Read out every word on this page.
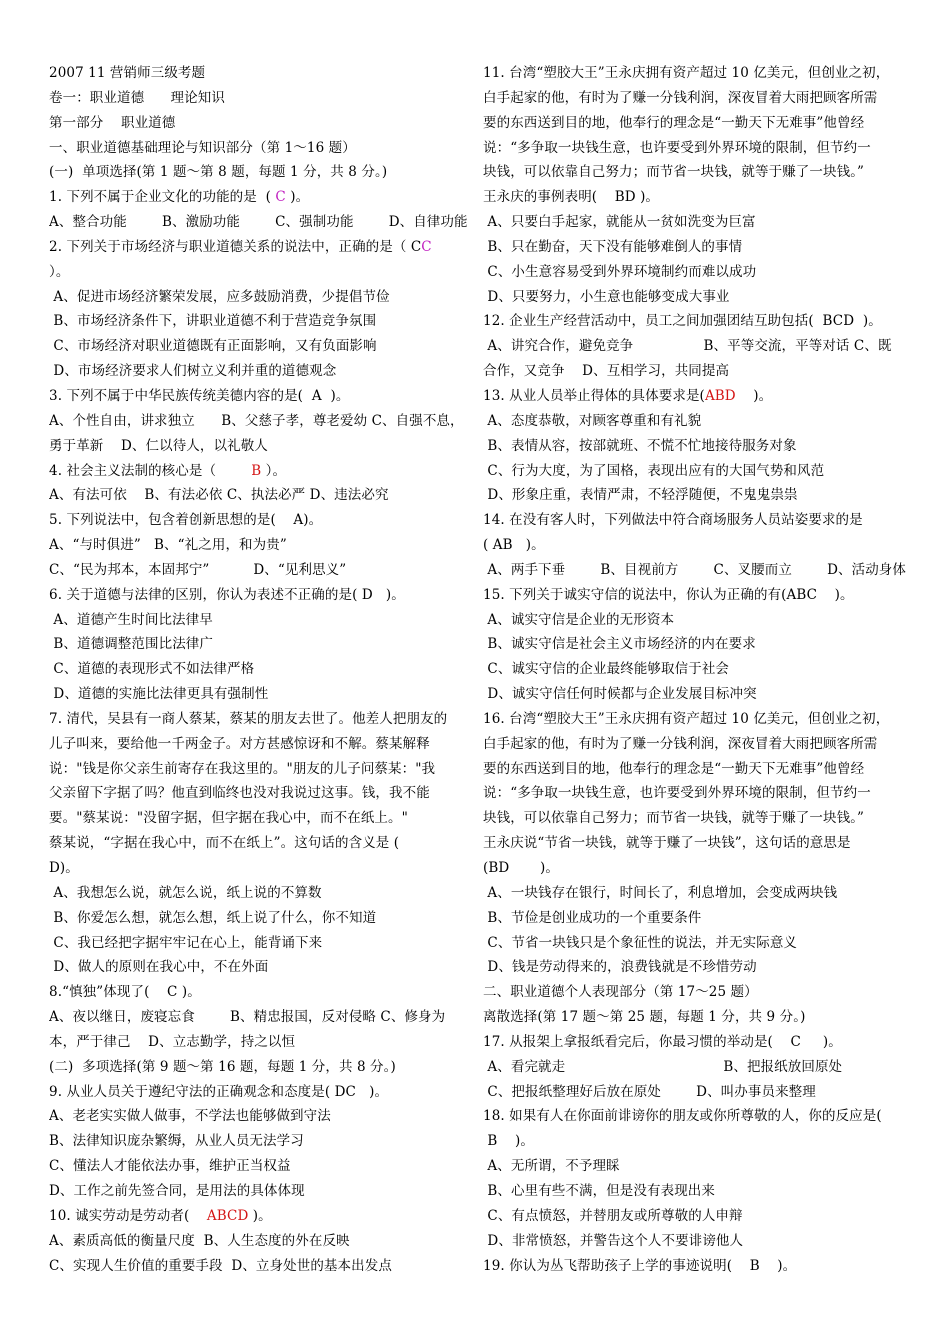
2007 11 营销师三级考题
卷一：职业道德      理论知识
第一部分    职业道德
一、职业道德基础理论与知识部分（第 1～16 题）
(一)  单项选择(第 1 题～第 8 题，每题 1 分，共 8 分。)
1. 下列不属于企业文化的功能的是  ( C )。
A、整合功能        B、激励功能        C、强制功能        D、自律功能
2. 下列关于市场经济与职业道德关系的说法中，正确的是（ CC
）。
A、促进市场经济繁荣发展，应多鼓励消费，少提倡节俭
B、市场经济条件下，讲职业道德不利于营造竞争氛围
C、市场经济对职业道德既有正面影响，又有负面影响
D、市场经济要求人们树立义利并重的道德观念
3. 下列不属于中华民族传统美德内容的是(  A  )。
A、个性自由，讲求独立      B、父慈子孝，尊老爱幼 C、自强不息，
勇于革新    D、仁以待人，以礼敬人
4. 社会主义法制的核心是（        B ）。
A、有法可依    B、有法必依 C、执法必严 D、违法必究
5. 下列说法中，包含着创新思想的是(    A)。
A、“与时俱进”   B、“礼之用，和为贵”
C、“民为邦本，本固邦宁”          D、“见利思义”
6. 关于道德与法律的区别，你认为表述不正确的是( D   )。
A、道德产生时间比法律早
B、道德调整范围比法律广
C、道德的表现形式不如法律严格
D、道德的实施比法律更具有强制性
7. 清代，吴县有一商人蔡某，蔡某的朋友去世了。他差人把朋友的
儿子叫来，要给他一千两金子。对方甚感惊讶和不解。蔡某解释
说："钱是你父亲生前寄存在我这里的。"朋友的儿子问蔡某："我
父亲留下字据了吗？他直到临终也没对我说过这事。钱，我不能
要。"蔡某说："没留字据，但字据在我心中，而不在纸上。"
蔡某说，“字据在我心中，而不在纸上”。这句话的含义是 (
D)。
A、我想怎么说，就怎么说，纸上说的不算数
B、你爱怎么想，就怎么想，纸上说了什么，你不知道
C、我已经把字据牢牢记在心上，能背诵下来
D、做人的原则在我心中，不在外面
8.“慎独”体现了(    C )。
A、夜以继日，废寝忘食        B、精忠报国，反对侵略 C、修身为
本，严于律己    D、立志勤学，持之以恒
(二)  多项选择(第 9 题～第 16 题，每题 1 分，共 8 分。)
9. 从业人员关于遵纪守法的正确观念和态度是( DC   )。
A、老老实实做人做事，不学法也能够做到守法
B、法律知识庞杂繁缛，从业人员无法学习
C、懂法人才能依法办事，维护正当权益
D、工作之前先签合同，是用法的具体体现
10. 诚实劳动是劳动者(    ABCD )。
A、素质高低的衡量尺度  B、人生态度的外在反映
C、实现人生价值的重要手段  D、立身处世的基本出发点
11. 台湾“塑胶大王”王永庆拥有资产超过 10 亿美元，但创业之初，
白手起家的他，有时为了赚一分钱利润，深夜冒着大雨把顾客所需
要的东西送到目的地，他奉行的理念是“一勤天下无难事”他曾经
说：“多争取一块钱生意，也许要受到外界环境的限制，但节约一
块钱，可以依靠自己努力；而节省一块钱，就等于赚了一块钱。”
王永庆的事例表明(    BD )。
A、只要白手起家，就能从一贫如洗变为巨富
B、只在勤奋，天下没有能够难倒人的事情
C、小生意容易受到外界环境制约而难以成功
D、只要努力，小生意也能够变成大事业
12. 企业生产经营活动中，员工之间加强团结互助包括(  BCD  )。
A、讲究合作，避免竞争                B、平等交流，平等对话 C、既
合作，又竞争    D、互相学习，共同提高
13. 从业人员举止得体的具体要求是(ABD    )。
A、态度恭敬，对顾客尊重和有礼貌
B、表情从容，按部就班、不慌不忙地接待服务对象
C、行为大度，为了国格，表现出应有的大国气势和风范
D、形象庄重，表情严肃，不轻浮随便，不鬼鬼祟祟
14. 在没有客人时，下列做法中符合商场服务人员站姿要求的是
( AB   )。
A、两手下垂        B、目视前方        C、叉腰而立        D、活动身体
15. 下列关于诚实守信的说法中，你认为正确的有(ABC    )。
A、诚实守信是企业的无形资本
B、诚实守信是社会主义市场经济的内在要求
C、诚实守信的企业最终能够取信于社会
D、诚实守信任何时候都与企业发展目标冲突
16. 台湾“塑胶大王”王永庆拥有资产超过 10 亿美元，但创业之初，
白手起家的他，有时为了赚一分钱利润，深夜冒着大雨把顾客所需
要的东西送到目的地，他奉行的理念是“一勤天下无难事”他曾经
说：“多争取一块钱生意，也许要受到外界环境的限制，但节约一
块钱，可以依靠自己努力；而节省一块钱，就等于赚了一块钱。”
王永庆说“节省一块钱，就等于赚了一块钱”，这句话的意思是
(BD       )。
A、一块钱存在银行，时间长了，利息增加，会变成两块钱
B、节俭是创业成功的一个重要条件
C、节省一块钱只是个象征性的说法，并无实际意义
D、钱是劳动得来的，浪费钱就是不珍惜劳动
二、职业道德个人表现部分（第 17～25 题）
离散选择(第 17 题～第 25 题，每题 1 分，共 9 分。)
17. 从报架上拿报纸看完后，你最习惯的举动是(    C     )。
A、看完就走                                    B、把报纸放回原处
C、把报纸整理好后放在原处        D、叫办事员来整理
18. 如果有人在你面前诽谤你的朋友或你所尊敬的人，你的反应是(
B    )。
A、无所谓，不予理睬
B、心里有些不满，但是没有表现出来
C、有点愤怒，并替朋友或所尊敬的人申辩
D、非常愤怒，并警告这个人不要诽谤他人
19. 你认为丛飞帮助孩子上学的事迹说明(    B    )。
